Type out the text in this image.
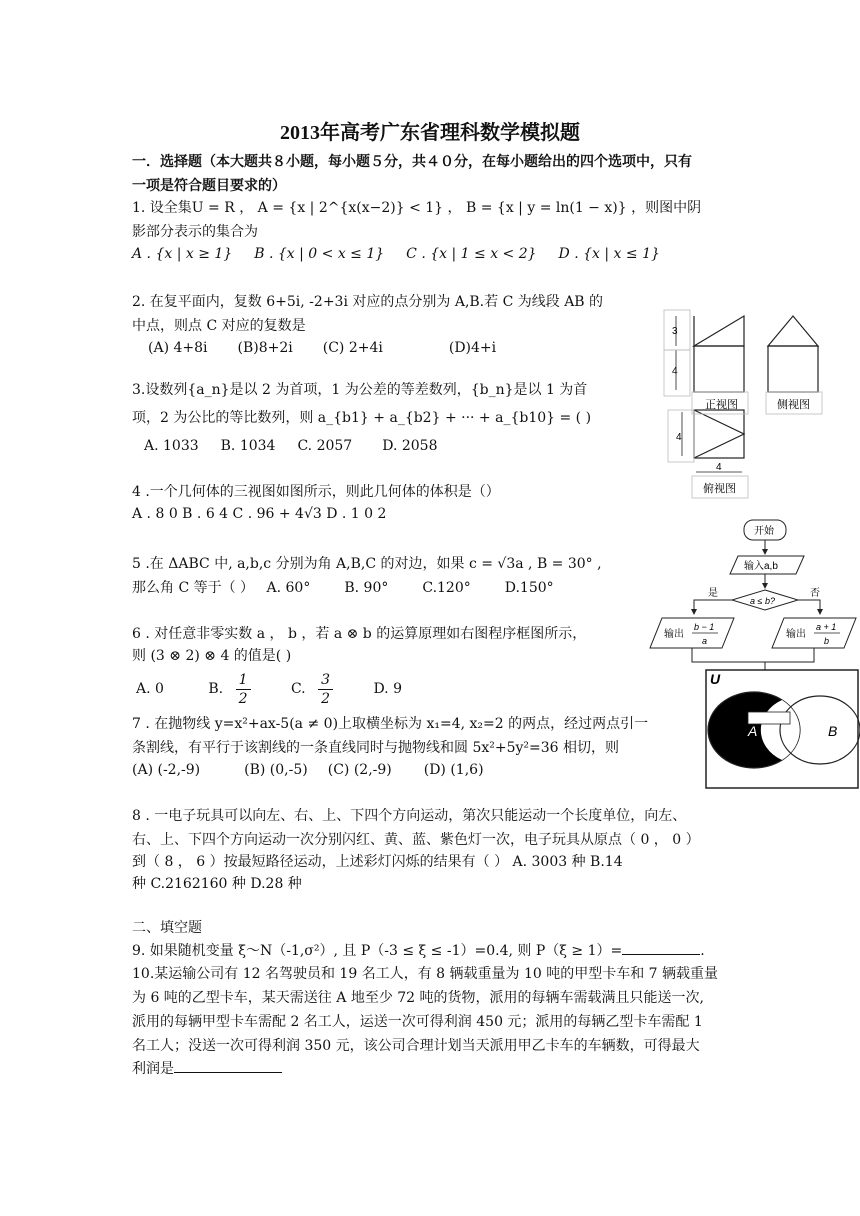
2013年高考广东省理科数学模拟题
一．选择题（本大题共８小题，每小题５分，共４０分，在每小题给出的四个选项中，只有
一项是符合题目要求的）
1. 设全集U = R ， A = {x | 2^{x(x−2)} < 1} ， B = {x | y = ln(1 − x)} ，则图中阴
影部分表示的集合为
A . {x | x ≥ 1} B . {x | 0 < x ≤ 1} C . {x | 1 ≤ x < 2} D . {x | x ≤ 1}
2. 在复平面内，复数 6+5i, -2+3i 对应的点分别为 A,B.若 C 为线段 AB 的
中点，则点 C 对应的复数是
(A) 4+8i (B)8+2i (C) 2+4i	(D)4+i
3.设数列{a_n}是以 2 为首项，1 为公差的等差数列，{b_n}是以 1 为首
项，2 为公比的等比数列，则 a_{b1} + a_{b2} + ··· + a_{b10} = ( )
A. 1033 B. 1034 C. 2057 D. 2058
4 .一个几何体的三视图如图所示，则此几何体的体积是（）
A . 8 0 B . 6 4 C . 96 + 4√3 D . 1 0 2
5 .在 ΔABC 中, a,b,c 分别为角 A,B,C 的对边，如果 c = √3a , B = 30° ,
那么角 C 等于（ ） A. 60° B. 90° C.120° D.150°
6 . 对任意非零实数 a ， b ，若 a ⊗ b 的运算原理如右图程序框图所示，
则 (3 ⊗ 2) ⊗ 4 的值是( )
A. 0	B. $\frac{1}{2}$	C. $\frac{3}{2}$	D. 9
7 . 在抛物线 y=x²+ax-5(a ≠ 0)上取横坐标为 x₁=4, x₂=2 的两点，经过两点引一
条割线，有平行于该割线的一条直线同时与抛物线和圆 5x²+5y²=36 相切，则
(A) (-2,-9)	(B) (0,-5) (C) (2,-9) (D) (1,6)
8 . 一电子玩具可以向左、右、上、下四个方向运动，第次只能运动一个长度单位，向左、
右、上、下四个方向运动一次分别闪红、黄、蓝、紫色灯一次，电子玩具从原点（ 0 ， 0 ）
到（ 8 ， 6 ）按最短路径运动，上述彩灯闪烁的结果有（ ） A. 3003 种 B.14
种 C.2162160 种 D.28 种
二、填空题
9. 如果随机变量 ξ～N（-1,σ²）, 且 P（-3 ≤ ξ ≤ -1）=0.4, 则 P（ξ ≥ 1）=	.
10.某运输公司有 12 名驾驶员和 19 名工人，有 8 辆载重量为 10 吨的甲型卡车和 7 辆载重量
为 6 吨的乙型卡车，某天需送往 A 地至少 72 吨的货物，派用的每辆车需载满且只能送一次,
派用的每辆甲型卡车需配 2 名工人，运送一次可得利润 450 元；派用的每辆乙型卡车需配 1
名工人；没送一次可得利润 350 元，该公司合理计划当天派用甲乙卡车的车辆数，可得最大
利润是
3
4
4
4
正视图	侧视图
俯视图
开始
输入a,b
a ≤ b?
是	否
输出
b − 1
a
输出
a + 1
b
U
A	B
